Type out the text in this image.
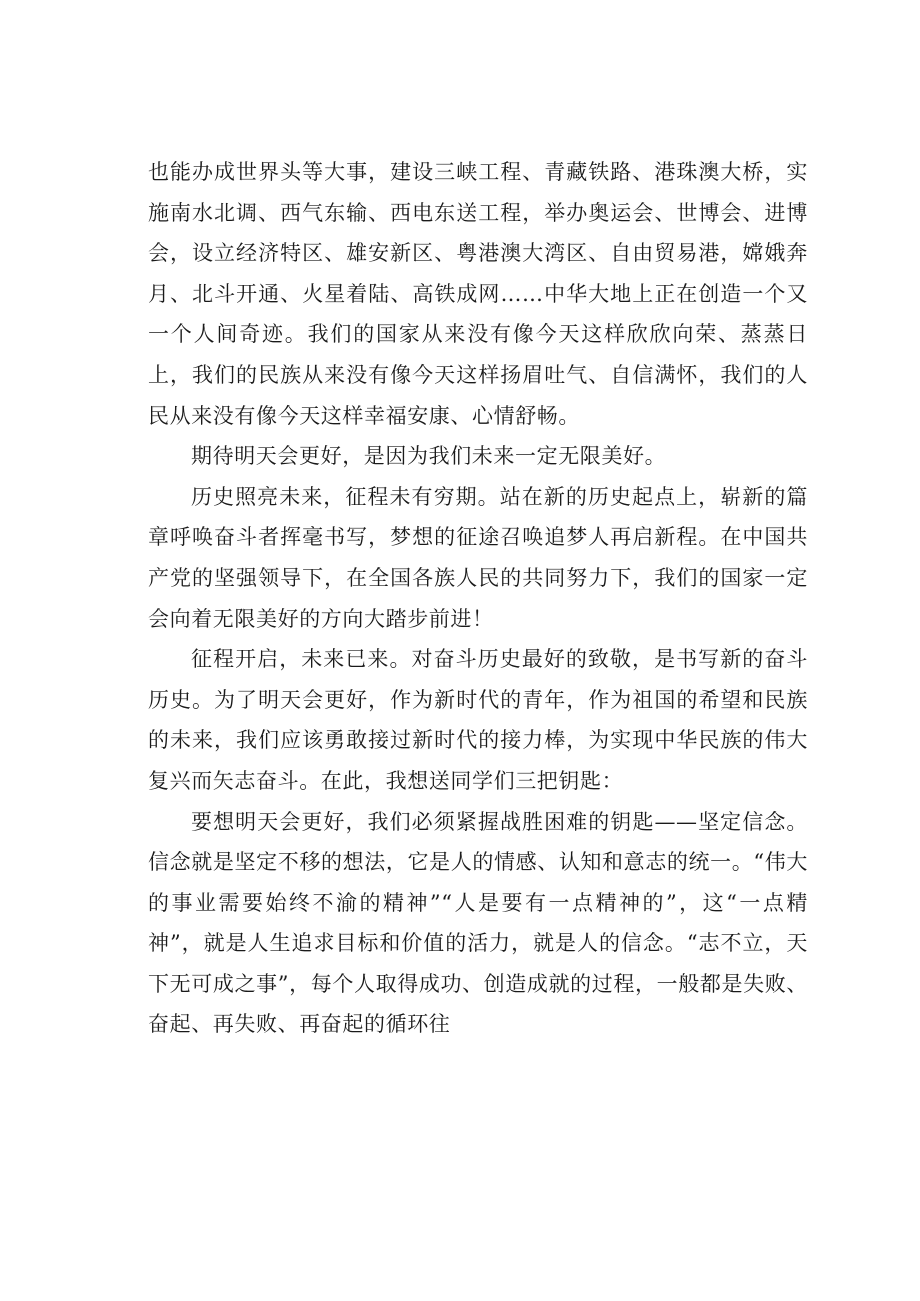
也能办成世界头等大事，建设三峡工程、青藏铁路、港珠澳大桥，实施南水北调、西气东输、西电东送工程，举办奥运会、世博会、进博会，设立经济特区、雄安新区、粤港澳大湾区、自由贸易港，嫦娥奔月、北斗开通、火星着陆、高铁成网……中华大地上正在创造一个又一个人间奇迹。我们的国家从来没有像今天这样欣欣向荣、蒸蒸日上，我们的民族从来没有像今天这样扬眉吐气、自信满怀，我们的人民从来没有像今天这样幸福安康、心情舒畅。

期待明天会更好，是因为我们未来一定无限美好。

历史照亮未来，征程未有穷期。站在新的历史起点上，崭新的篇章呼唤奋斗者挥毫书写，梦想的征途召唤追梦人再启新程。在中国共产党的坚强领导下，在全国各族人民的共同努力下，我们的国家一定会向着无限美好的方向大踏步前进！

征程开启，未来已来。对奋斗历史最好的致敬，是书写新的奋斗历史。为了明天会更好，作为新时代的青年，作为祖国的希望和民族的未来，我们应该勇敢接过新时代的接力棒，为实现中华民族的伟大复兴而矢志奋斗。在此，我想送同学们三把钥匙：

要想明天会更好，我们必须紧握战胜困难的钥匙——坚定信念。信念就是坚定不移的想法，它是人的情感、认知和意志的统一。“伟大的事业需要始终不渝的精神”“人是要有一点精神的”，这“一点精神”，就是人生追求目标和价值的活力，就是人的信念。“志不立，天下无可成之事”，每个人取得成功、创造成就的过程，一般都是失败、奋起、再失败、再奋起的循环往
